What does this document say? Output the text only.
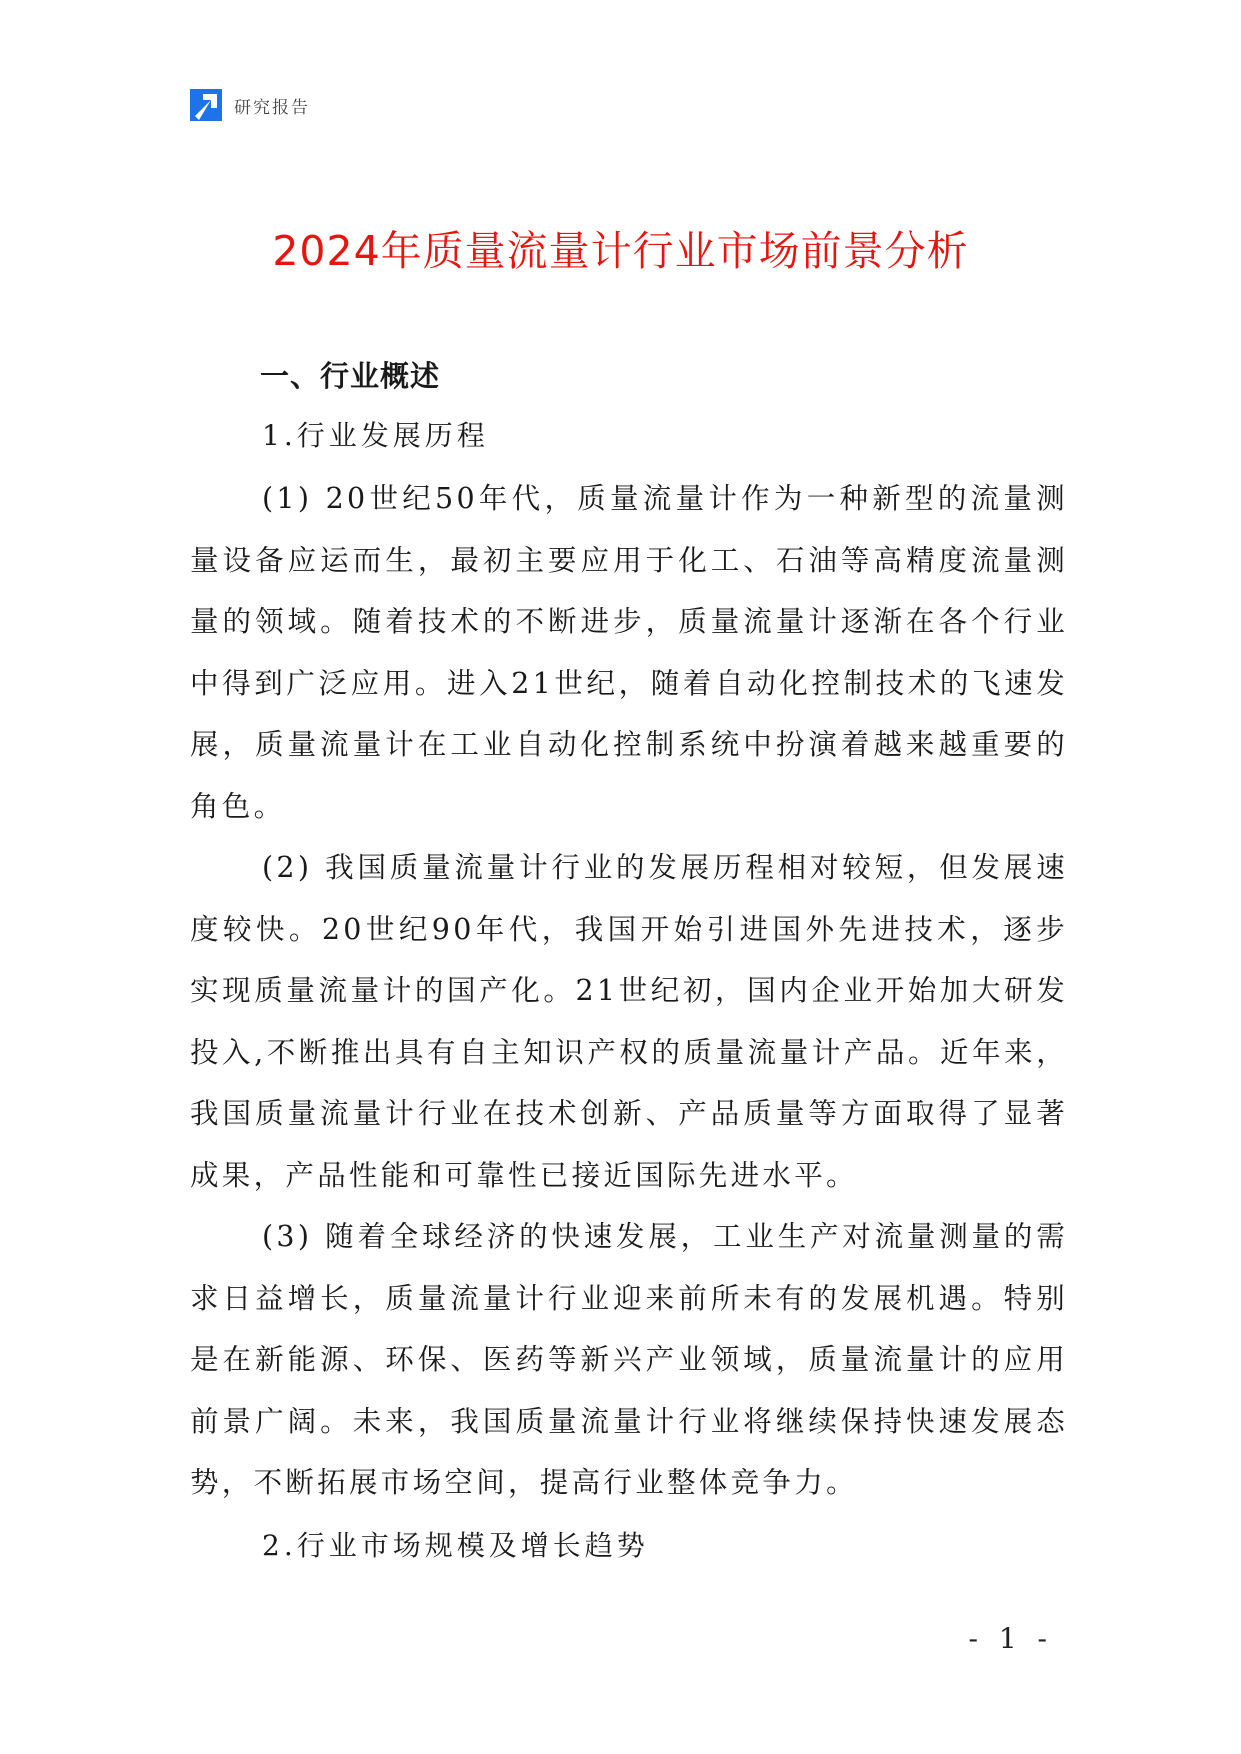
研究报告
2024年质量流量计行业市场前景分析
一、行业概述
1.行业发展历程

(1) 20世纪50年代，质量流量计作为一种新型的流量测量设备应运而生，最初主要应用于化工、石油等高精度流量测量的领域。随着技术的不断进步，质量流量计逐渐在各个行业中得到广泛应用。进入21世纪，随着自动化控制技术的飞速发展，质量流量计在工业自动化控制系统中扮演着越来越重要的角色。

(2) 我国质量流量计行业的发展历程相对较短，但发展速度较快。20世纪90年代，我国开始引进国外先进技术，逐步实现质量流量计的国产化。21世纪初，国内企业开始加大研发投入,不断推出具有自主知识产权的质量流量计产品。近年来，我国质量流量计行业在技术创新、产品质量等方面取得了显著成果，产品性能和可靠性已接近国际先进水平。

(3) 随着全球经济的快速发展，工业生产对流量测量的需求日益增长，质量流量计行业迎来前所未有的发展机遇。特别是在新能源、环保、医药等新兴产业领域，质量流量计的应用前景广阔。未来，我国质量流量计行业将继续保持快速发展态势，不断拓展市场空间，提高行业整体竞争力。

2.行业市场规模及增长趋势
- 1 -
